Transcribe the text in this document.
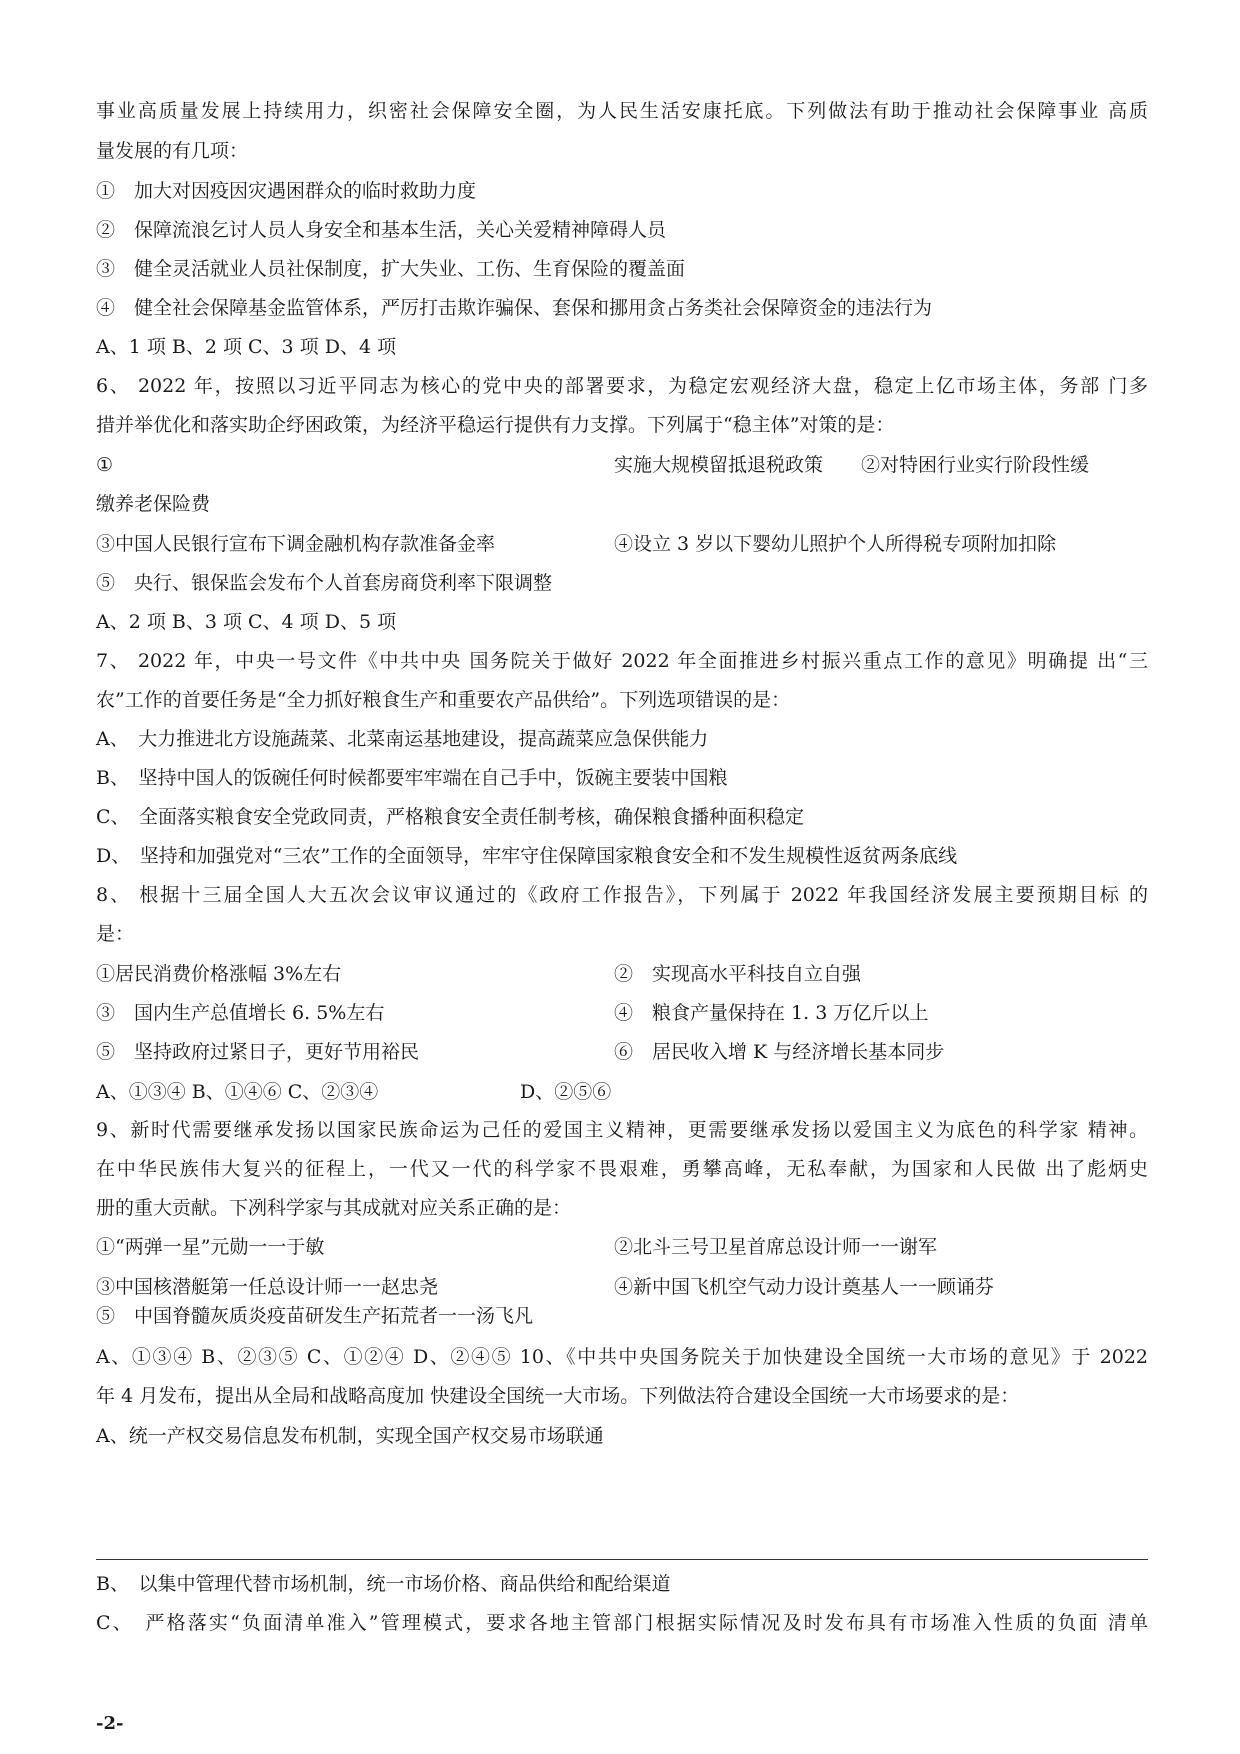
事业高质量发展上持续用力，织密社会保障安全圈，为人民生活安康托底。下列做法有助于推动社会保障事业 高质
量发展的有几项：
①　加大对因疫因灾遇困群众的临时救助力度
②　保障流浪乞讨人员人身安全和基本生活，关心关爱精神障碍人员
③　健全灵活就业人员社保制度，扩大失业、工伤、生育保险的覆盖面
④　健全社会保障基金监管体系，严厉打击欺诈骗保、套保和挪用贪占务类社会保障资金的违法行为
A、1 项 B、2 项 C、3 项 D、4 项
6、 2022 年，按照以习近平同志为核心的党中央的部署要求，为稳定宏观经济大盘，稳定上亿市场主体，务部 门多
措并举优化和落实助企纾困政策，为经济平稳运行提供有力支撑。下列属于“稳主体”对策的是：
①	实施大规模留抵退税政策　　②对特困行业实行阶段性缓
缴养老保险费
③中国人民银行宣布下调金融机构存款准备金率	④设立 3 岁以下婴幼儿照护个人所得税专项附加扣除
⑤　央行、银保监会发布个人首套房商贷利率下限调整
A、2 项 B、3 项 C、4 项 D、5 项
7、 2022 年，中央一号文件《中共中央 国务院关于做好 2022 年全面推进乡村振兴重点工作的意见》明确提 出“三
农”工作的首要任务是“全力抓好粮食生产和重要农产品供给”。下列选项错误的是：
A、　大力推进北方设施蔬菜、北菜南运基地建设，提高蔬菜应急保供能力
B、　坚持中国人的饭碗任何时候都要牢牢端在自己手中，饭碗主要装中国粮
C、　全面落实粮食安全党政同责，严格粮食安全责任制考核，确保粮食播种面积稳定
D、　坚持和加强党对“三农”工作的全面领导，牢牢守住保障国家粮食安全和不发生规模性返贫两条底线
8、 根据十三届全国人大五次会议审议通过的《政府工作报告》，下列属于 2022 年我国经济发展主要预期目标 的
是：
①居民消费价格涨幅 3%左右	②　实现高水平科技自立自强
③　国内生产总值增长 6. 5%左右	④　粮食产量保持在 1. 3 万亿斤以上
⑤　坚持政府过紧日子，更好节用裕民	⑥　居民收入增 K 与经济增长基本同步
A、①③④ B、①④⑥ C、②③④	D、②⑤⑥
9、新时代需要继承发扬以国家民族命运为己任的爱国主义精神，更需要继承发扬以爱国主义为底色的科学家 精神。
在中华民族伟大复兴的征程上，一代又一代的科学家不畏艰难，勇攀高峰，无私奉献，为国家和人民做 出了彪炳史
册的重大贡献。下冽科学家与其成就对应关系正确的是：
①“两弹一星”元勋一一于敏	②北斗三号卫星首席总设计师一一谢军
③中国核潜艇第一任总设计师一一赵忠尧	④新中国飞机空气动力设计奠基人一一顾诵芬
⑤　中国脊髓灰质炎疫苗研发生产拓荒者一一汤飞凡
A、①③④ B、②③⑤ C、①②④ D、②④⑤ 10、《中共中央国务院关于加快建设全国统一大市场的意见》于 2022
年 4 月发布，提出从全局和战略高度加 快建设全国统一大市场。下列做法符合建设全国统一大市场要求的是：
A、统一产权交易信息发布机制，实现全国产权交易市场联通
B、　以集中管理代替市场机制，统一市场价格、商品供给和配给渠道
C、　严格落实“负面清单准入”管理模式，要求各地主管部门根据实际情况及时发布具有市场准入性质的负面 清单
-2-
